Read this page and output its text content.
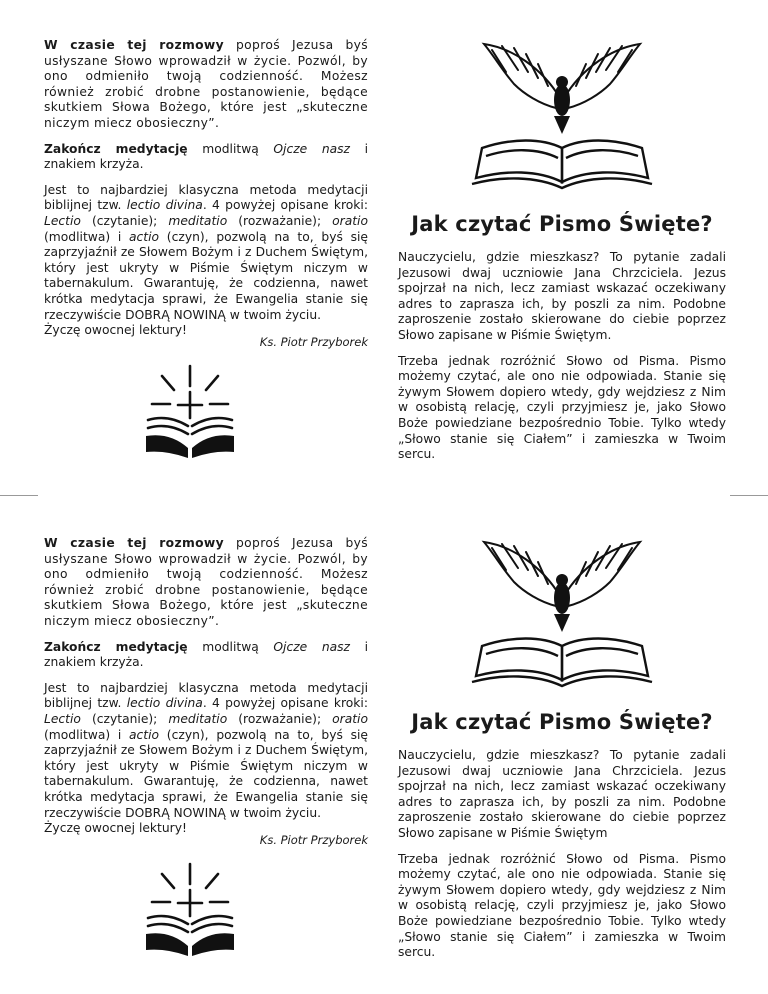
W czasie tej rozmowy poproś Jezusa byś usłyszane Słowo wprowadził w życie. Pozwól, by ono odmieniło twoją codzienność. Możesz również zrobić drobne postanowienie, będące skutkiem Słowa Bożego, które jest „skuteczne niczym miecz obosieczny”.

Zakończ medytację modlitwą Ojcze nasz i znakiem krzyża.

Jest to najbardziej klasyczna metoda medytacji biblijnej tzw. lectio divina. 4 powyżej opisane kroki: Lectio (czytanie); meditatio (rozważanie); oratio (modlitwa) i actio (czyn), pozwolą na to, byś się zaprzyjaźnił ze Słowem Bożym i z Duchem Świętym, który jest ukryty w Piśmie Świętym niczym w tabernakulum. Gwarantuję, że codzienna, nawet krótka medytacja sprawi, że Ewangelia stanie się rzeczywiście DOBRĄ NOWINĄ w twoim życiu.

Życzę owocnej lektury!

Ks. Piotr Przyborek

Jak czytać Pismo Święte?

Nauczycielu, gdzie mieszkasz? To pytanie zadali Jezusowi dwaj uczniowie Jana Chrzciciela. Jezus spojrzał na nich, lecz zamiast wskazać oczekiwany adres to zaprasza ich, by poszli za nim. Podobne zaproszenie zostało skierowane do ciebie poprzez Słowo zapisane w Piśmie Świętym.

Trzeba jednak rozróżnić Słowo od Pisma. Pismo możemy czytać, ale ono nie odpowiada. Stanie się żywym Słowem dopiero wtedy, gdy wejdziesz z Nim w osobistą relację, czyli przyjmiesz je, jako Słowo Boże powiedziane bezpośrednio Tobie. Tylko wtedy „Słowo stanie się Ciałem” i zamieszka w Twoim sercu.

W czasie tej rozmowy poproś Jezusa byś usłyszane Słowo wprowadził w życie. Pozwól, by ono odmieniło twoją codzienność. Możesz również zrobić drobne postanowienie, będące skutkiem Słowa Bożego, które jest „skuteczne niczym miecz obosieczny”.

Zakończ medytację modlitwą Ojcze nasz i znakiem krzyża.

Jest to najbardziej klasyczna metoda medytacji biblijnej tzw. lectio divina. 4 powyżej opisane kroki: Lectio (czytanie); meditatio (rozważanie); oratio (modlitwa) i actio (czyn), pozwolą na to, byś się zaprzyjaźnił ze Słowem Bożym i z Duchem Świętym, który jest ukryty w Piśmie Świętym niczym w tabernakulum. Gwarantuję, że codzienna, nawet krótka medytacja sprawi, że Ewangelia stanie się rzeczywiście DOBRĄ NOWINĄ w twoim życiu.

Życzę owocnej lektury!

Ks. Piotr Przyborek

Jak czytać Pismo Święte?

Nauczycielu, gdzie mieszkasz? To pytanie zadali Jezusowi dwaj uczniowie Jana Chrzciciela. Jezus spojrzał na nich, lecz zamiast wskazać oczekiwany adres to zaprasza ich, by poszli za nim. Podobne zaproszenie zostało skierowane do ciebie poprzez Słowo zapisane w Piśmie Świętym

Trzeba jednak rozróżnić Słowo od Pisma. Pismo możemy czytać, ale ono nie odpowiada. Stanie się żywym Słowem dopiero wtedy, gdy wejdziesz z Nim w osobistą relację, czyli przyjmiesz je, jako Słowo Boże powiedziane bezpośrednio Tobie. Tylko wtedy „Słowo stanie się Ciałem” i zamieszka w Twoim sercu.
